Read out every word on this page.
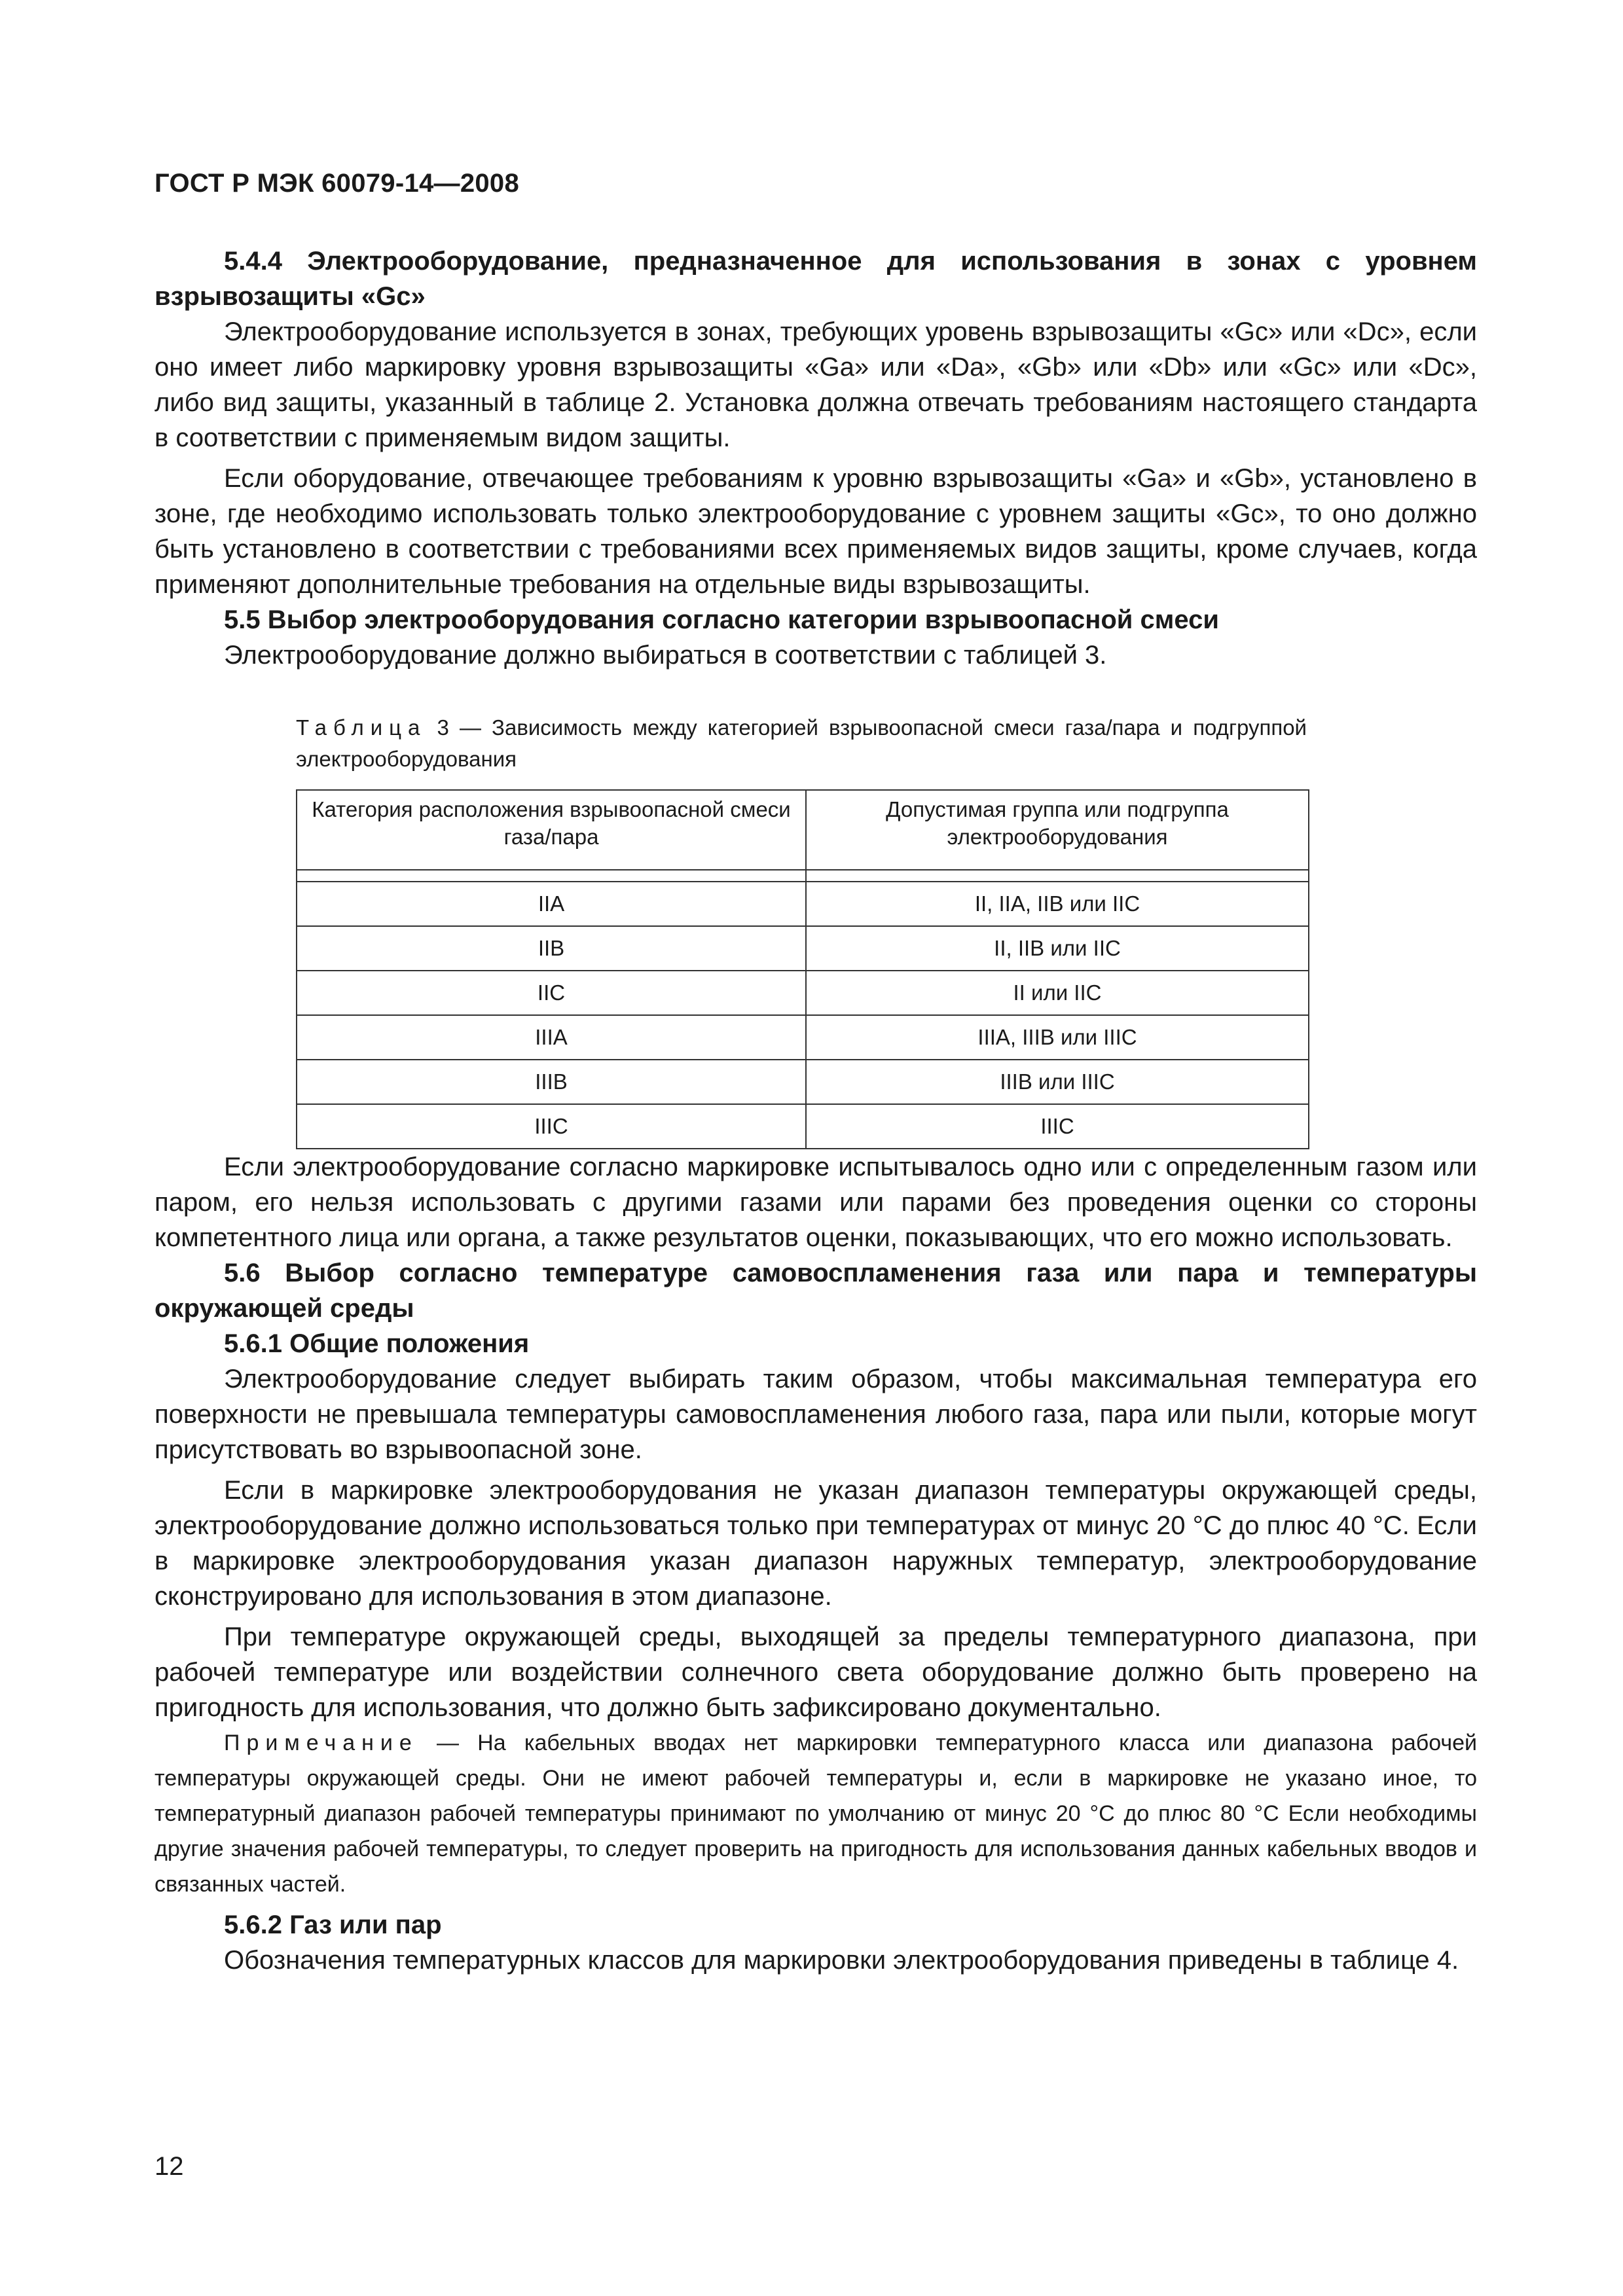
ГОСТ Р МЭК 60079-14—2008

5.4.4 Электрооборудование, предназначенное для использования в зонах с уровнем взрывозащиты «Gc»

Электрооборудование используется в зонах, требующих уровень взрывозащиты «Gc» или «Dc», если оно имеет либо маркировку уровня взрывозащиты «Ga» или «Da», «Gb» или «Db» или «Gc» или «Dc», либо вид защиты, указанный в таблице 2. Установка должна отвечать требованиям настоящего стандарта в соответствии с применяемым видом защиты.

Если оборудование, отвечающее требованиям к уровню взрывозащиты «Ga» и «Gb», установлено в зоне, где необходимо использовать только электрооборудование с уровнем защиты «Gc», то оно должно быть установлено в соответствии с требованиями всех применяемых видов защиты, кроме случаев, когда применяют дополнительные требования на отдельные виды взрывозащиты.

5.5 Выбор электрооборудования согласно категории взрывоопасной смеси

Электрооборудование должно выбираться в соответствии с таблицей 3.

Таблица 3 — Зависимость между категорией взрывоопасной смеси газа/пара и подгруппой электрооборудования
Категория расположения взрывоопасной смеси газа/пара	Допустимая группа или подгруппа электрооборудования

IIA	II, IIA, IIB или IIC
IIB	II, IIB или IIC
IIC	II или IIC
IIIA	IIIA, IIIB или IIIC
IIIB	IIIB или IIIC
IIIC	IIIC

Если электрооборудование согласно маркировке испытывалось одно или с определенным газом или паром, его нельзя использовать с другими газами или парами без проведения оценки со стороны компетентного лица или органа, а также результатов оценки, показывающих, что его можно использовать.

5.6 Выбор согласно температуре самовоспламенения газа или пара и температуры окружающей среды

5.6.1 Общие положения

Электрооборудование следует выбирать таким образом, чтобы максимальная температура его поверхности не превышала температуры самовоспламенения любого газа, пара или пыли, которые могут присутствовать во взрывоопасной зоне.

Если в маркировке электрооборудования не указан диапазон температуры окружающей среды, электрооборудование должно использоваться только при температурах от минус 20 °С до плюс 40 °С. Если в маркировке электрооборудования указан диапазон наружных температур, электрооборудование сконструировано для использования в этом диапазоне.

При температуре окружающей среды, выходящей за пределы температурного диапазона, при рабочей температуре или воздействии солнечного света оборудование должно быть проверено на пригодность для использования, что должно быть зафиксировано документально.

Примечание — На кабельных вводах нет маркировки температурного класса или диапазона рабочей температуры окружающей среды. Они не имеют рабочей температуры и, если в маркировке не указано иное, то температурный диапазон рабочей температуры принимают по умолчанию от минус 20 °С до плюс 80 °С Если необходимы другие значения рабочей температуры, то следует проверить на пригодность для использования данных кабельных вводов и связанных частей.

5.6.2 Газ или пар

Обозначения температурных классов для маркировки электрооборудования приведены в таблице 4.

12
